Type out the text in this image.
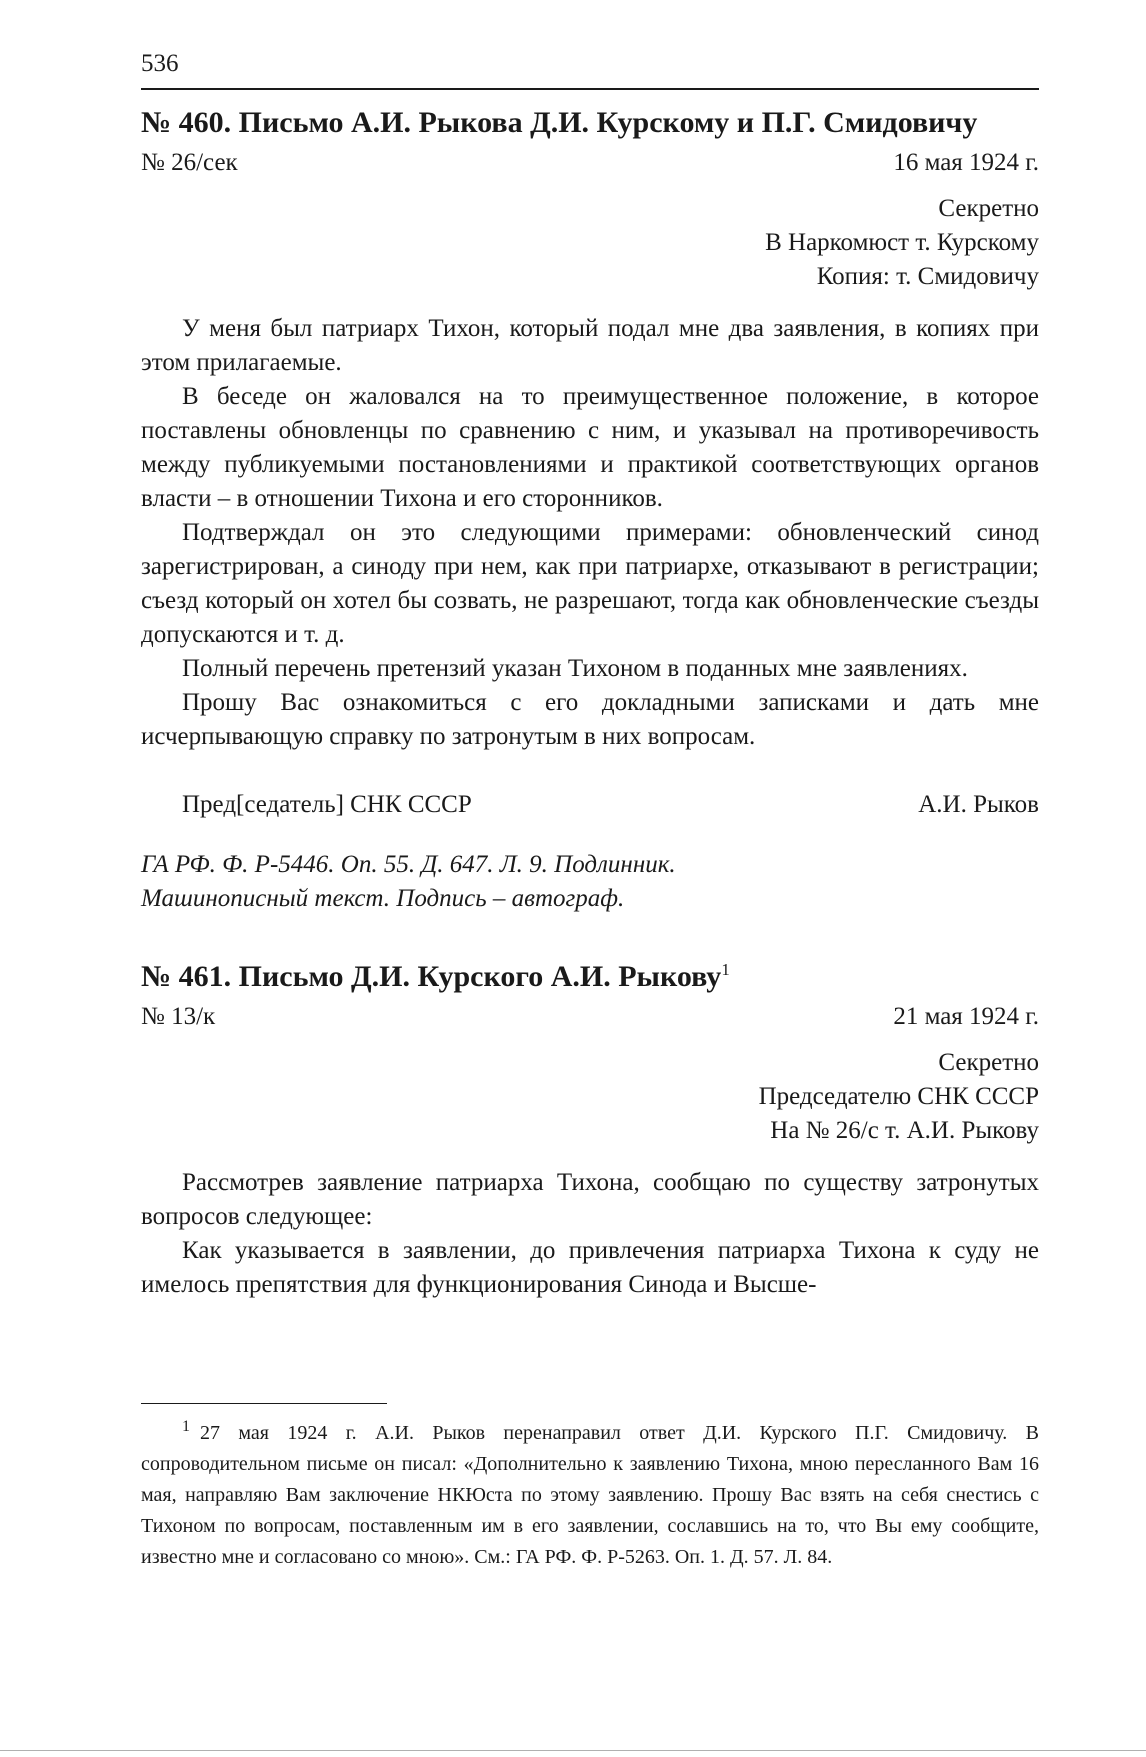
536
№ 460. Письмо А.И. Рыкова Д.И. Курскому и П.Г. Смидовичу
№ 26/сек	16 мая 1924 г.
Секретно
В Наркомюст т. Курскому
Копия: т. Смидовичу

У меня был патриарх Тихон, который подал мне два заявления, в копиях при этом прилагаемые.

В беседе он жаловался на то преимущественное положение, в которое поставлены обновленцы по сравнению с ним, и указывал на противоречивость между публикуемыми постановлениями и практикой соответствующих органов власти – в отношении Тихона и его сторонников.

Подтверждал он это следующими примерами: обновленческий синод зарегистрирован, а синоду при нем, как при патриархе, отказывают в регистрации; съезд который он хотел бы созвать, не разрешают, тогда как обновленческие съезды допускаются и т. д.

Полный перечень претензий указан Тихоном в поданных мне заявлениях.

Прошу Вас ознакомиться с его докладными записками и дать мне исчерпывающую справку по затронутым в них вопросам.

Пред[седатель] СНК СССР	А.И. Рыков
ГА РФ. Ф. Р-5446. Оп. 55. Д. 647. Л. 9. Подлинник.
Машинописный текст. Подпись – автограф.
№ 461. Письмо Д.И. Курского А.И. Рыкову$^1$
№ 13/к	21 мая 1924 г.
Секретно
Председателю СНК СССР
На № 26/с т. А.И. Рыкову

Рассмотрев заявление патриарха Тихона, сообщаю по существу затронутых вопросов следующее:

Как указывается в заявлении, до привлечения патриарха Тихона к суду не имелось препятствия для функционирования Синода и Высше-

$^1$ 27 мая 1924 г. А.И. Рыков перенаправил ответ Д.И. Курского П.Г. Смидовичу. В сопроводительном письме он писал: «Дополнительно к заявлению Тихона, мною пересланного Вам 16 мая, направляю Вам заключение НКЮста по этому заявлению. Прошу Вас взять на себя снестись с Тихоном по вопросам, поставленным им в его заявлении, сославшись на то, что Вы ему сообщите, известно мне и согласовано со мною». См.: ГА РФ. Ф. Р-5263. Оп. 1. Д. 57. Л. 84.
